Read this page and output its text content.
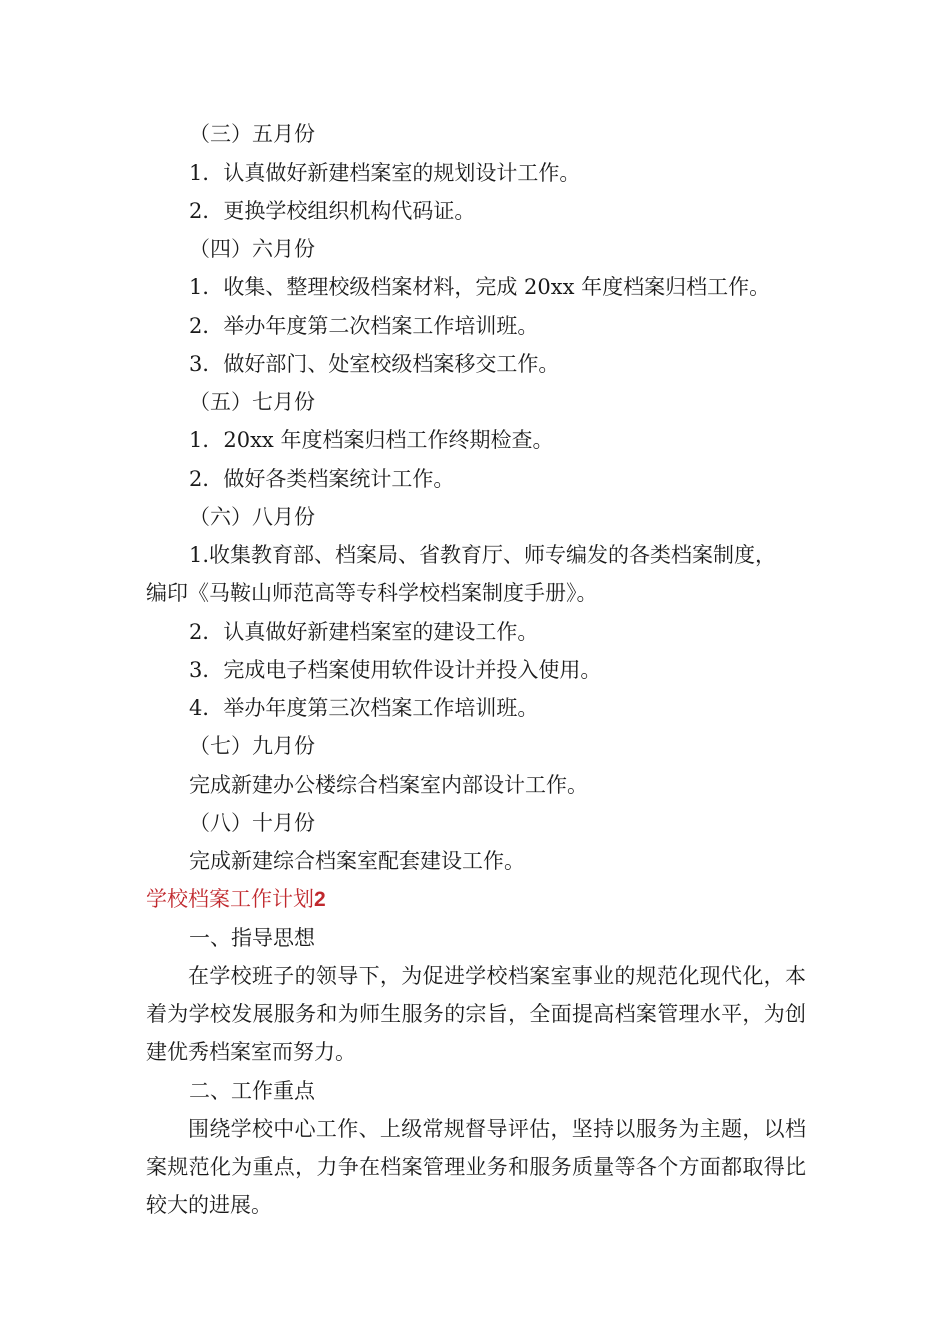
（三）五月份
1．认真做好新建档案室的规划设计工作。
2．更换学校组织机构代码证。
（四）六月份
1．收集、整理校级档案材料，完成 20xx 年度档案归档工作。
2．举办年度第二次档案工作培训班。
3．做好部门、处室校级档案移交工作。
（五）七月份
1．20xx 年度档案归档工作终期检查。
2．做好各类档案统计工作。
（六）八月份
1.收集教育部、档案局、省教育厅、师专编发的各类档案制度，
编印《马鞍山师范高等专科学校档案制度手册》。
2．认真做好新建档案室的建设工作。
3．完成电子档案使用软件设计并投入使用。
4．举办年度第三次档案工作培训班。
（七）九月份
完成新建办公楼综合档案室内部设计工作。
（八）十月份
完成新建综合档案室配套建设工作。
学校档案工作计划2
一、指导思想
在学校班子的领导下，为促进学校档案室事业的规范化现代化，本着为学校发展服务和为师生服务的宗旨，全面提高档案管理水平，为创建优秀档案室而努力。
二、工作重点
围绕学校中心工作、上级常规督导评估，坚持以服务为主题，以档案规范化为重点，力争在档案管理业务和服务质量等各个方面都取得比较大的进展。
